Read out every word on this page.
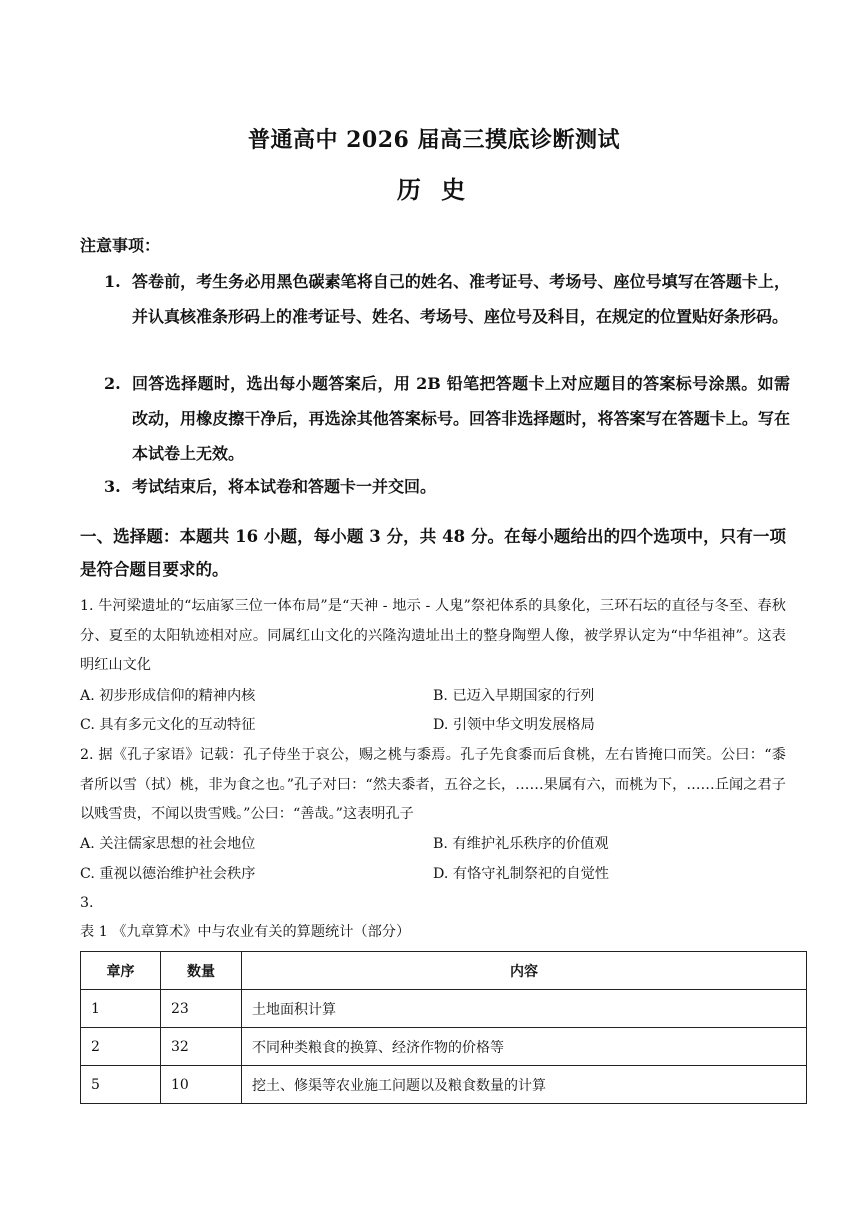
普通高中 2026 届高三摸底诊断测试
历 史
注意事项：
1. 答卷前，考生务必用黑色碳素笔将自己的姓名、准考证号、考场号、座位号填写在答题卡上，并认真核准条形码上的准考证号、姓名、考场号、座位号及科目，在规定的位置贴好条形码。
2. 回答选择题时，选出每小题答案后，用 2B 铅笔把答题卡上对应题目的答案标号涂黑。如需改动，用橡皮擦干净后，再选涂其他答案标号。回答非选择题时，将答案写在答题卡上。写在本试卷上无效。
3. 考试结束后，将本试卷和答题卡一并交回。
一、选择题：本题共 16 小题，每小题 3 分，共 48 分。在每小题给出的四个选项中，只有一项是符合题目要求的。
1. 牛河梁遗址的“坛庙冢三位一体布局”是“天神 - 地示 - 人鬼”祭祀体系的具象化，三环石坛的直径与冬至、春秋分、夏至的太阳轨迹相对应。同属红山文化的兴隆沟遗址出土的整身陶塑人像，被学界认定为“中华祖神”。这表明红山文化
A. 初步形成信仰的精神内核	B. 已迈入早期国家的行列
C. 具有多元文化的互动特征	D. 引领中华文明发展格局
2. 据《孔子家语》记载：孔子侍坐于哀公，赐之桃与黍焉。孔子先食黍而后食桃，左右皆掩口而笑。公曰：“黍者所以雪（拭）桃，非为食之也。”孔子对曰：“然夫黍者，五谷之长，……果属有六，而桃为下，……丘闻之君子以贱雪贵，不闻以贵雪贱。”公曰：“善哉。”这表明孔子
A. 关注儒家思想的社会地位	B. 有维护礼乐秩序的价值观
C. 重视以德治维护社会秩序	D. 有恪守礼制祭祀的自觉性
3.
表 1 《九章算术》中与农业有关的算题统计（部分）
章序	数量	内容
1	23	土地面积计算
2	32	不同种类粮食的换算、经济作物的价格等
5	10	挖土、修渠等农业施工问题以及粮食数量的计算
